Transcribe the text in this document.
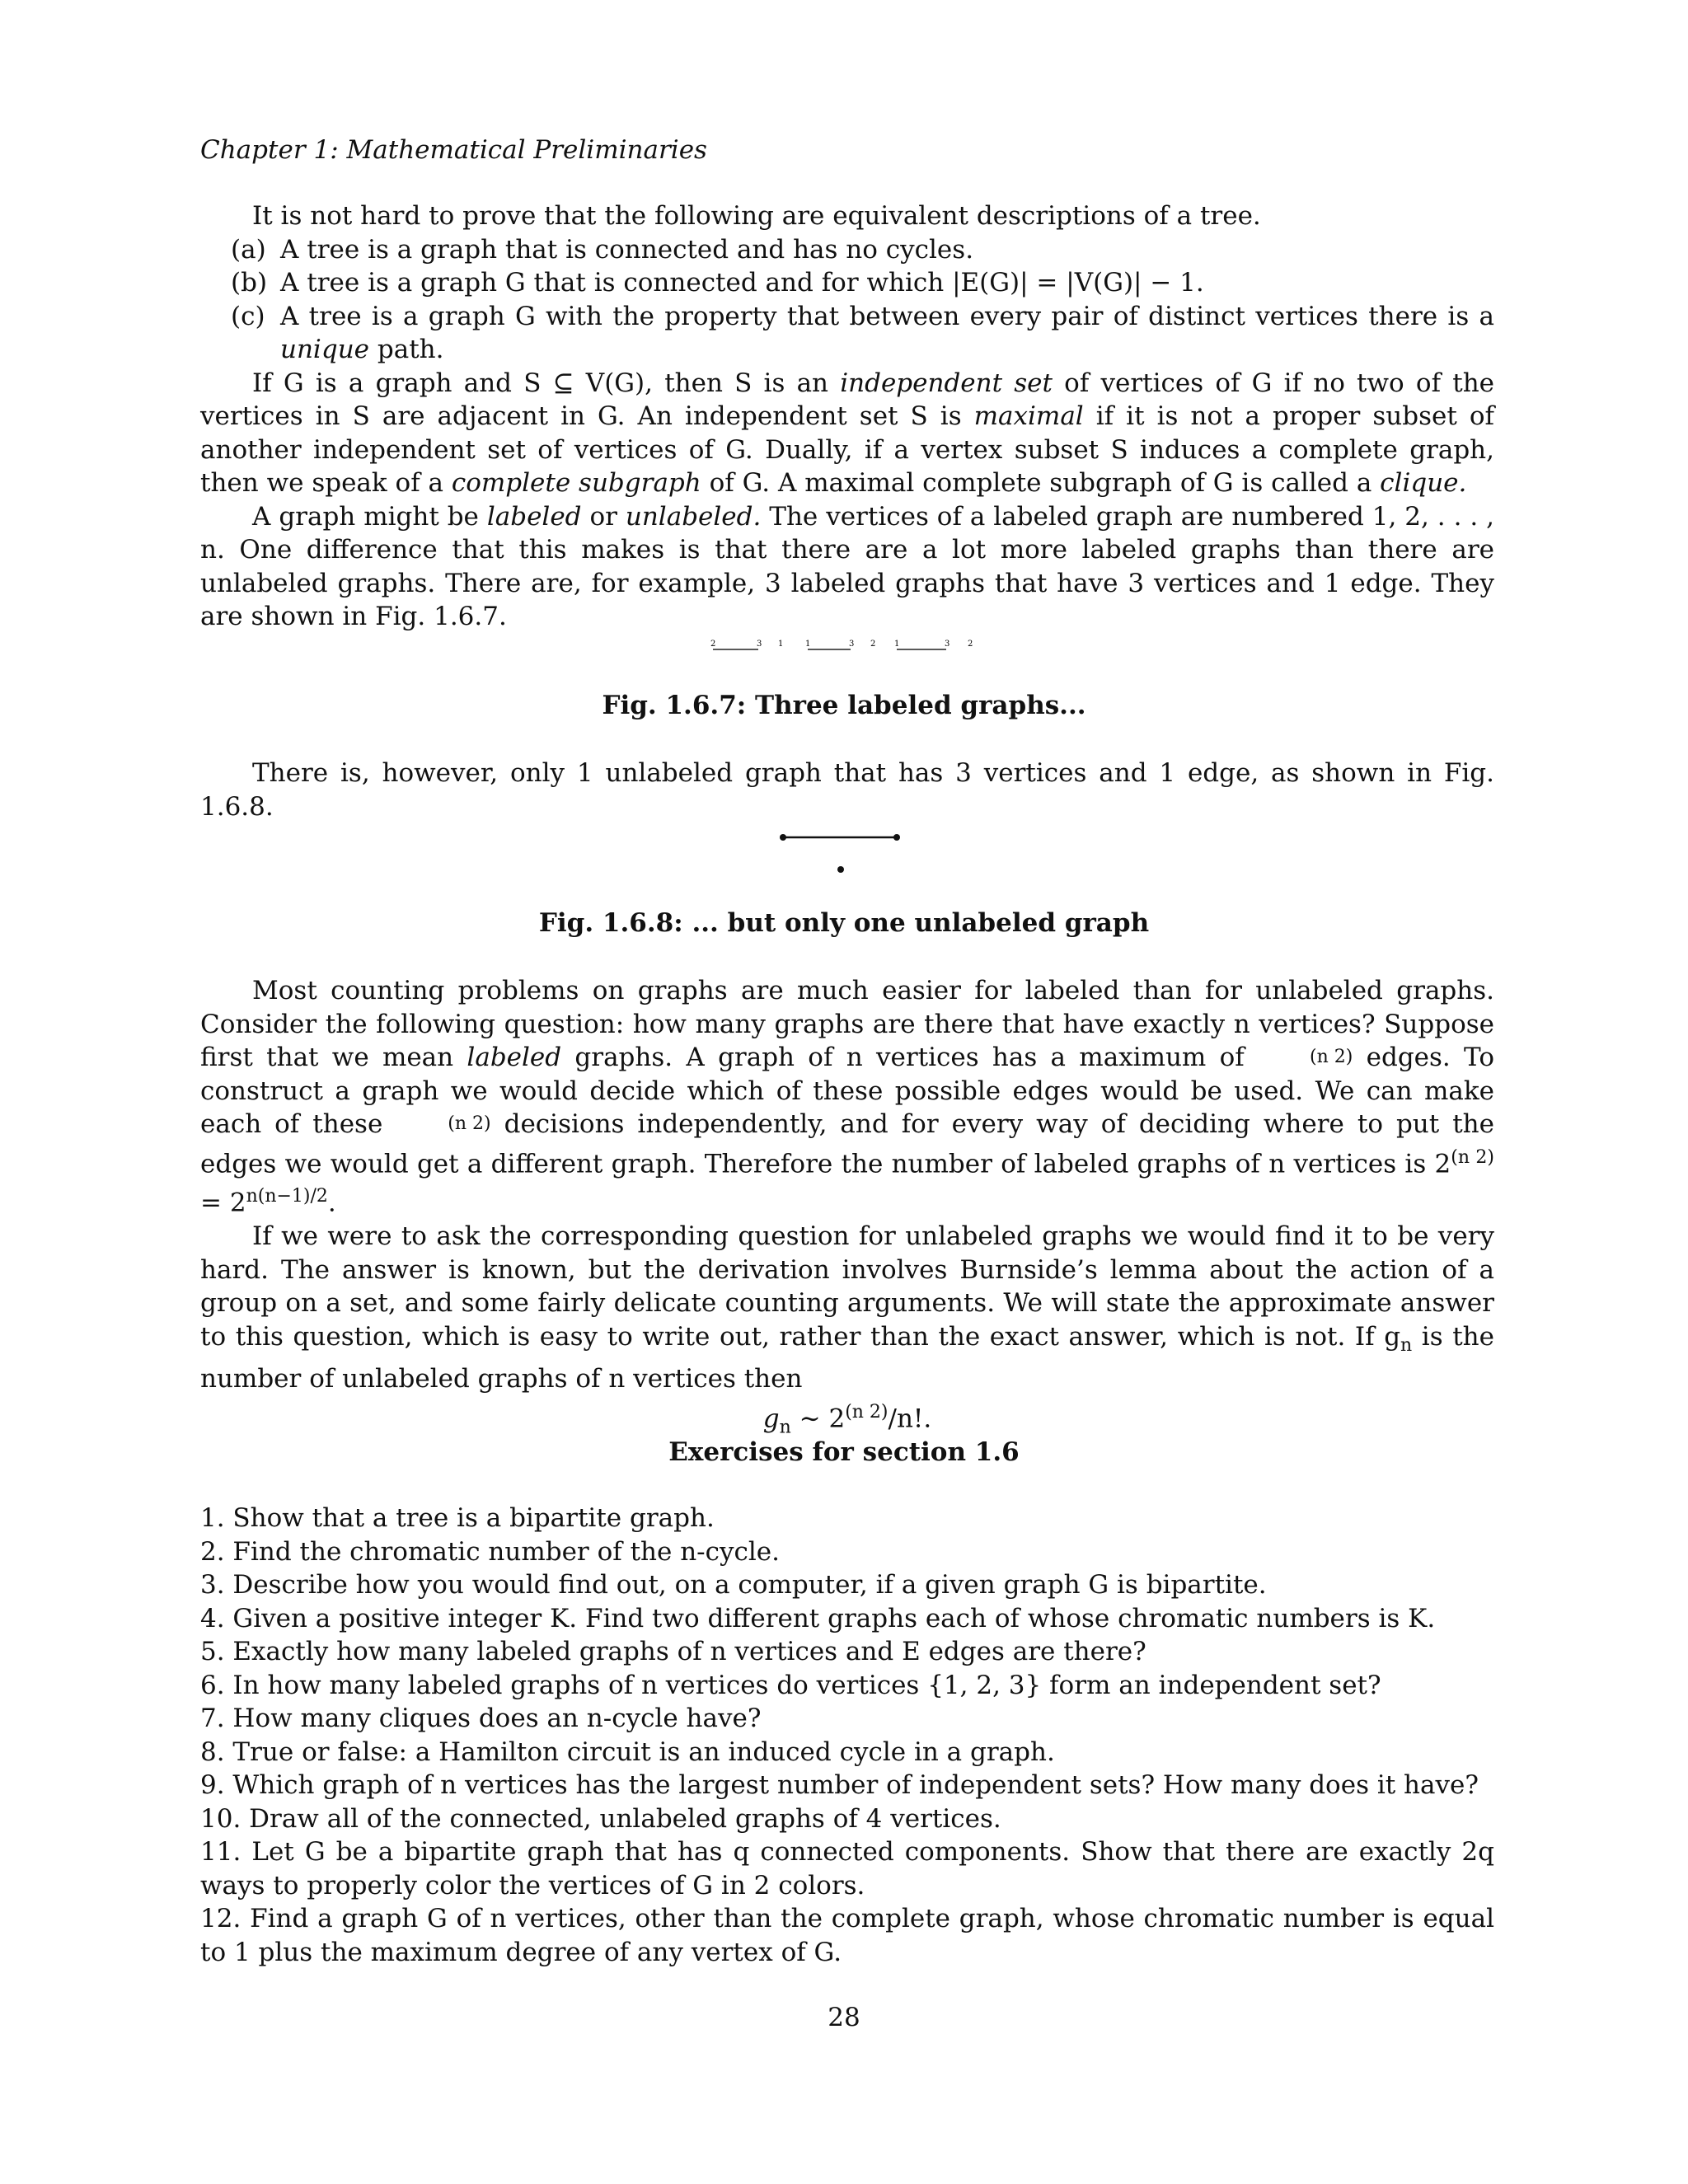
Chapter 1: Mathematical Preliminaries

It is not hard to prove that the following are equivalent descriptions of a tree.

(a) A tree is a graph that is connected and has no cycles.
(b) A tree is a graph G that is connected and for which |E(G)| = |V(G)| − 1.
(c) A tree is a graph G with the property that between every pair of distinct vertices there is a unique path.

If G is a graph and S ⊆ V(G), then S is an independent set of vertices of G if no two of the vertices in S are adjacent in G. An independent set S is maximal if it is not a proper subset of another independent set of vertices of G. Dually, if a vertex subset S induces a complete graph, then we speak of a complete subgraph of G. A maximal complete subgraph of G is called a clique.

A graph might be labeled or unlabeled. The vertices of a labeled graph are numbered 1, 2, . . . , n. One difference that this makes is that there are a lot more labeled graphs than there are unlabeled graphs. There are, for example, 3 labeled graphs that have 3 vertices and 1 edge. They are shown in Fig. 1.6.7.

2	3 1	1	3 2 1	3 2
Fig. 1.6.7: Three labeled graphs...

There is, however, only 1 unlabeled graph that has 3 vertices and 1 edge, as shown in Fig. 1.6.8.

Fig. 1.6.8: ... but only one unlabeled graph

Most counting problems on graphs are much easier for labeled than for unlabeled graphs. Consider the following question: how many graphs are there that have exactly n vertices? Suppose first that we mean labeled graphs. A graph of n vertices has a maximum of	(n 2) edges. To construct a graph we would decide which of these possible edges would be used. We can make each of these	(n 2) decisions independently, and for every way of deciding where to put the edges we would get a different graph. Therefore the number of labeled graphs of n vertices is $2^{(n 2)} = 2^{n(n-1)/2}$.

If we were to ask the corresponding question for unlabeled graphs we would find it to be very hard. The answer is known, but the derivation involves Burnside’s lemma about the action of a group on a set, and some fairly delicate counting arguments. We will state the approximate answer to this question, which is easy to write out, rather than the exact answer, which is not. If $g_n$ is the number of unlabeled graphs of n vertices then

$g_n$ ∼ $2^{(n 2)}/n$!.

Exercises for section 1.6

1. Show that a tree is a bipartite graph.

2. Find the chromatic number of the n-cycle.

3. Describe how you would find out, on a computer, if a given graph G is bipartite.

4. Given a positive integer K. Find two different graphs each of whose chromatic numbers is K.

5. Exactly how many labeled graphs of n vertices and E edges are there?

6. In how many labeled graphs of n vertices do vertices {1, 2, 3} form an independent set?

7. How many cliques does an n-cycle have?

8. True or false: a Hamilton circuit is an induced cycle in a graph.

9. Which graph of n vertices has the largest number of independent sets? How many does it have?

10. Draw all of the connected, unlabeled graphs of 4 vertices.

11. Let G be a bipartite graph that has q connected components. Show that there are exactly 2q ways to properly color the vertices of G in 2 colors.

12. Find a graph G of n vertices, other than the complete graph, whose chromatic number is equal to 1 plus the maximum degree of any vertex of G.

28
